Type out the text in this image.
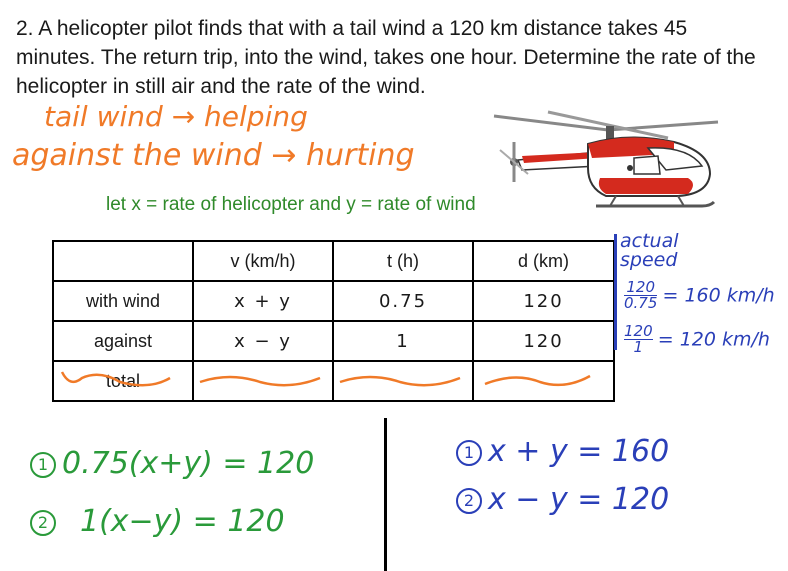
2. A helicopter pilot finds that with a tail wind a 120 km distance takes 45 minutes. The return trip, into the wind, takes one hour. Determine the rate of the helicopter in still air and the rate of the wind.

tail wind → helping
against the wind → hurting
let x = rate of helicopter and y = rate of wind
	v (km/h)	t (h)	d (km)
with wind	x + y	0.75	120
against	x − y	1	120
total			
actual speed
$\frac{120}{0.75} = 160$ km/h
$\frac{120}{1} = 120$ km/h
1 0.75(x+y) = 120
2 1(x−y) = 120
1 x + y = 160
2 x − y = 120
